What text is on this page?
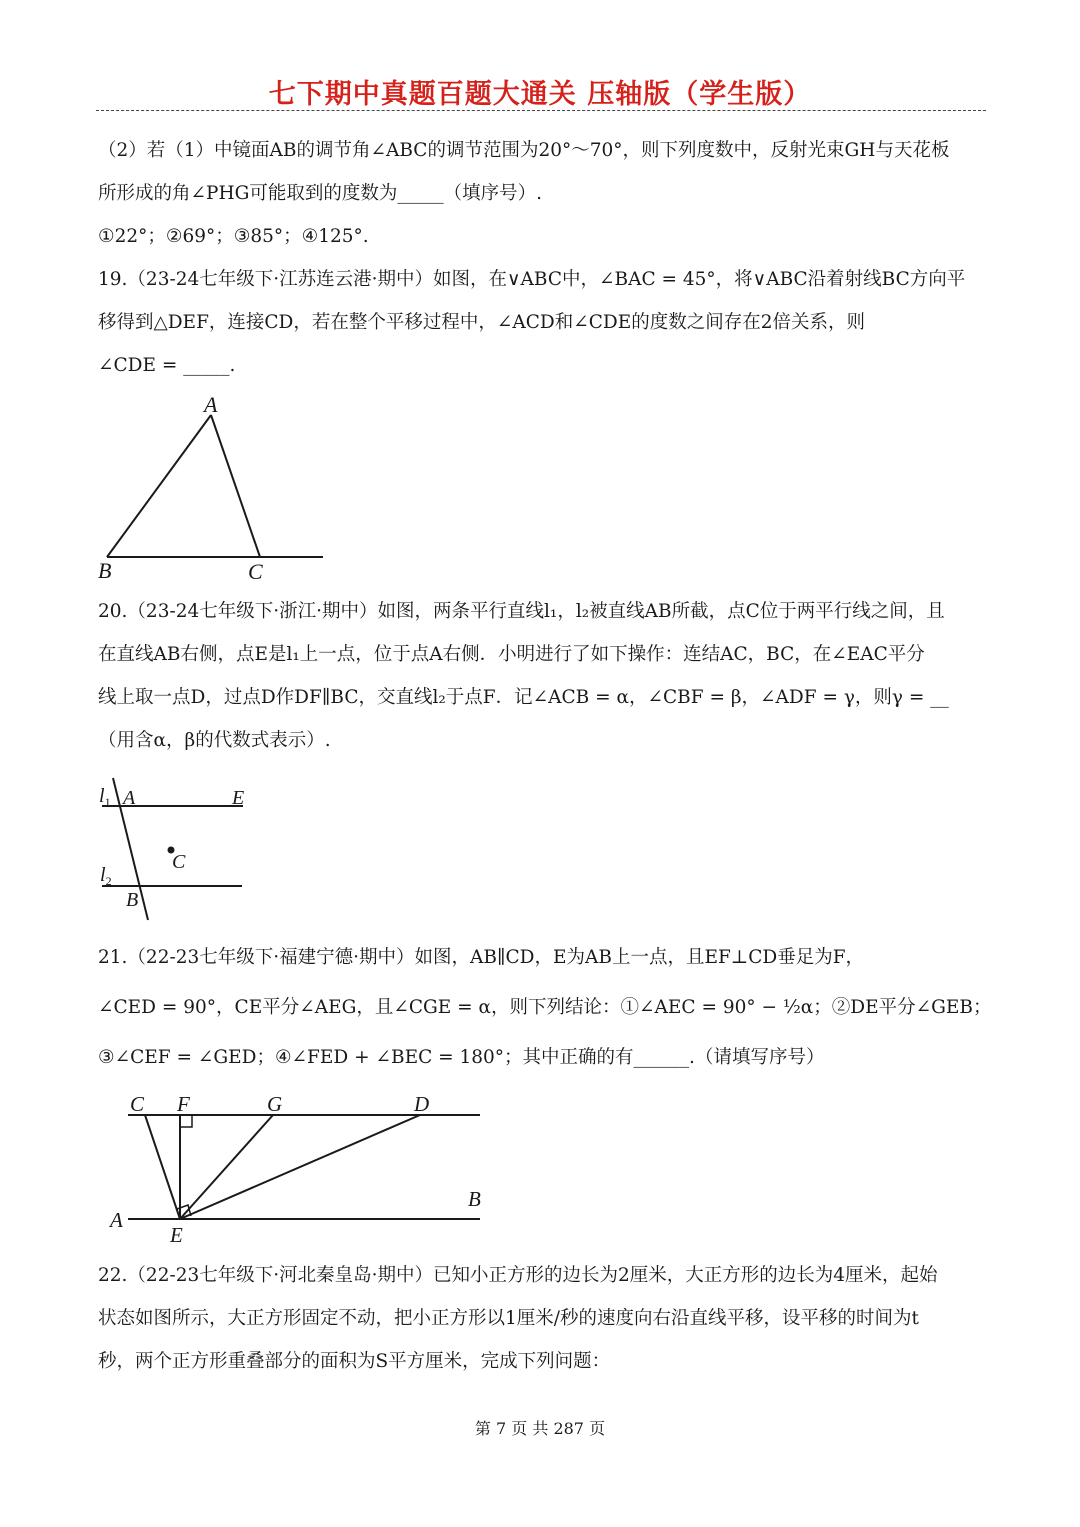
七下期中真题百题大通关 压轴版（学生版）
（2）若（1）中镜面AB的调节角∠ABC的调节范围为20°～70°，则下列度数中，反射光束GH与天花板
所形成的角∠PHG可能取到的度数为_____（填序号）.
①22°；②69°；③85°；④125°.
19.（23-24七年级下·江苏连云港·期中）如图，在∨ABC中，∠BAC = 45°，将∨ABC沿着射线BC方向平
移得到△DEF，连接CD，若在整个平移过程中，∠ACD和∠CDE的度数之间存在2倍关系，则
∠CDE = _____.
A
B	C
20.（23-24七年级下·浙江·期中）如图，两条平行直线l₁，l₂被直线AB所截，点C位于两平行线之间，且
在直线AB右侧，点E是l₁上一点，位于点A右侧．小明进行了如下操作：连结AC，BC，在∠EAC平分
线上取一点D，过点D作DF∥BC，交直线l₂于点F．记∠ACB = α，∠CBF = β，∠ADF = γ，则γ = __
（用含α，β的代数式表示）.
$l_1$ A	E
C
$l_2$
B
21.（22-23七年级下·福建宁德·期中）如图，AB∥CD，E为AB上一点，且EF⊥CD垂足为F，
∠CED = 90°，CE平分∠AEG，且∠CGE = α，则下列结论：①∠AEC = 90° − ½α；②DE平分∠GEB；
③∠CEF = ∠GED；④∠FED + ∠BEC = 180°；其中正确的有______.（请填写序号）
C F	G	D
A
B
E
22.（22-23七年级下·河北秦皇岛·期中）已知小正方形的边长为2厘米，大正方形的边长为4厘米，起始
状态如图所示，大正方形固定不动，把小正方形以1厘米/秒的速度向右沿直线平移，设平移的时间为t
秒，两个正方形重叠部分的面积为S平方厘米，完成下列问题：
第 7 页 共 287 页
